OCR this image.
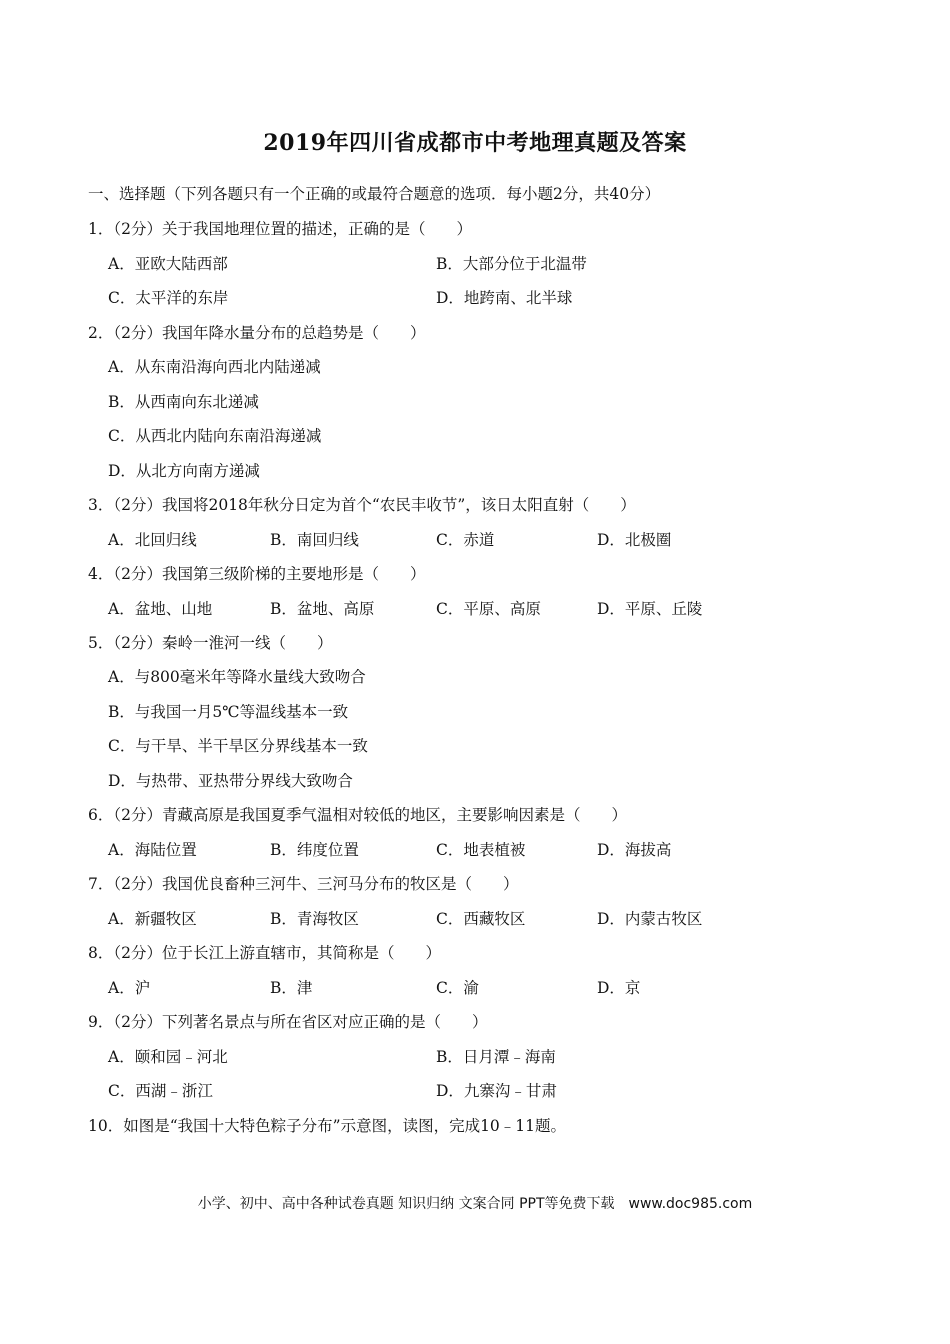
2019年四川省成都市中考地理真题及答案
一、选择题（下列各题只有一个正确的或最符合题意的选项．每小题2分，共40分）
1．（2分）关于我国地理位置的描述，正确的是（　　）
A．亚欧大陆西部	B．大部分位于北温带
C．太平洋的东岸	D．地跨南、北半球
2．（2分）我国年降水量分布的总趋势是（　　）
A．从东南沿海向西北内陆递减
B．从西南向东北递减
C．从西北内陆向东南沿海递减
D．从北方向南方递减
3．（2分）我国将2018年秋分日定为首个“农民丰收节”，该日太阳直射（　　）
A．北回归线	B．南回归线	C．赤道	D．北极圈
4．（2分）我国第三级阶梯的主要地形是（　　）
A．盆地、山地	B．盆地、高原	C．平原、高原	D．平原、丘陵
5．（2分）秦岭一淮河一线（　　）
A．与800毫米年等降水量线大致吻合
B．与我国一月5℃等温线基本一致
C．与干旱、半干旱区分界线基本一致
D．与热带、亚热带分界线大致吻合
6．（2分）青藏高原是我国夏季气温相对较低的地区，主要影响因素是（　　）
A．海陆位置	B．纬度位置	C．地表植被	D．海拔高
7．（2分）我国优良畜种三河牛、三河马分布的牧区是（　　）
A．新疆牧区	B．青海牧区	C．西藏牧区	D．内蒙古牧区
8．（2分）位于长江上游直辖市，其简称是（　　）
A．沪	B．津	C．渝	D．京
9．（2分）下列著名景点与所在省区对应正确的是（　　）
A．颐和园﹣河北	B．日月潭﹣海南
C．西湖﹣浙江	D．九寨沟﹣甘肃
10．如图是“我国十大特色粽子分布”示意图，读图，完成10﹣11题。
小学、初中、高中各种试卷真题 知识归纳 文案合同 PPT等免费下载　www.doc985.com
